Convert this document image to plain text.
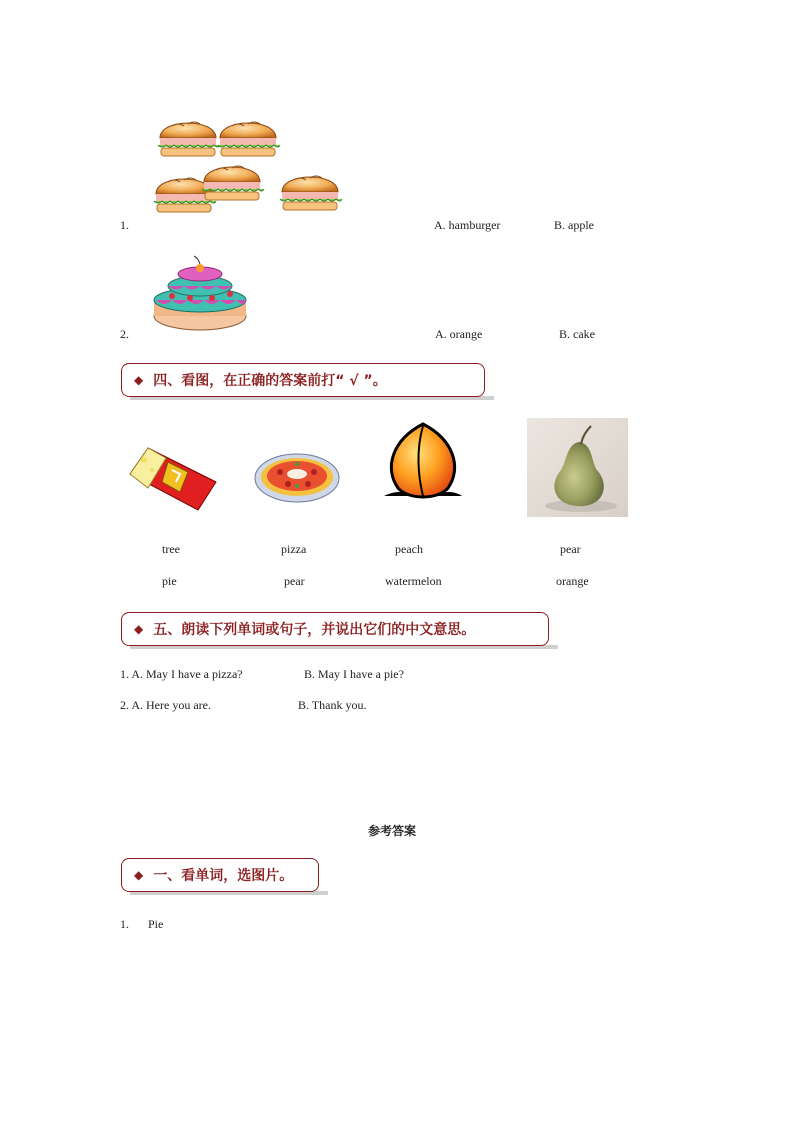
1.	A. hamburger	B. apple
2.	A. orange	B. cake
◆ 四、看图，在正确的答案前打“ √ ”。
tree	pizza	peach	pear
pie	pear	watermelon	orange
◆ 五、朗读下列单词或句子，并说出它们的中文意思。
1. A. May I have a pizza?	B. May I have a pie?
2. A. Here you are.	B. Thank you.
参考答案
◆ 一、看单词，选图片。
1. Pie
